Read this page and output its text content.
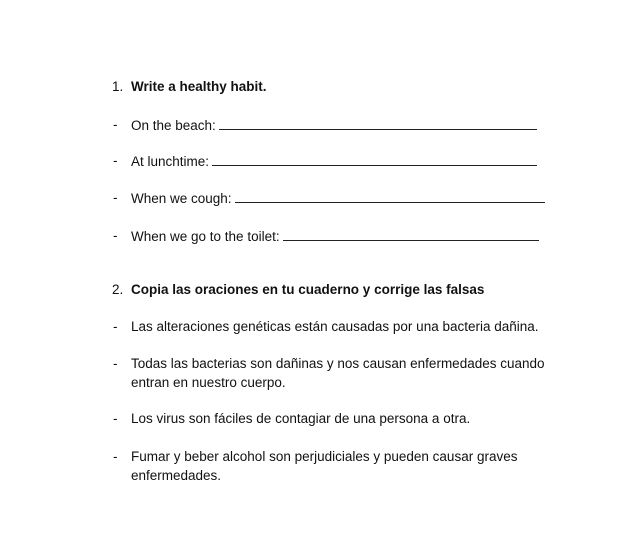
1. Write a healthy habit.
- On the beach:
- At lunchtime:
- When we cough:
- When we go to the toilet:
2. Copia las oraciones en tu cuaderno y corrige las falsas
- Las alteraciones genéticas están causadas por una bacteria dañina.
- Todas las bacterias son dañinas y nos causan enfermedades cuando
entran en nuestro cuerpo.
- Los virus son fáciles de contagiar de una persona a otra.
- Fumar y beber alcohol son perjudiciales y pueden causar graves
enfermedades.
